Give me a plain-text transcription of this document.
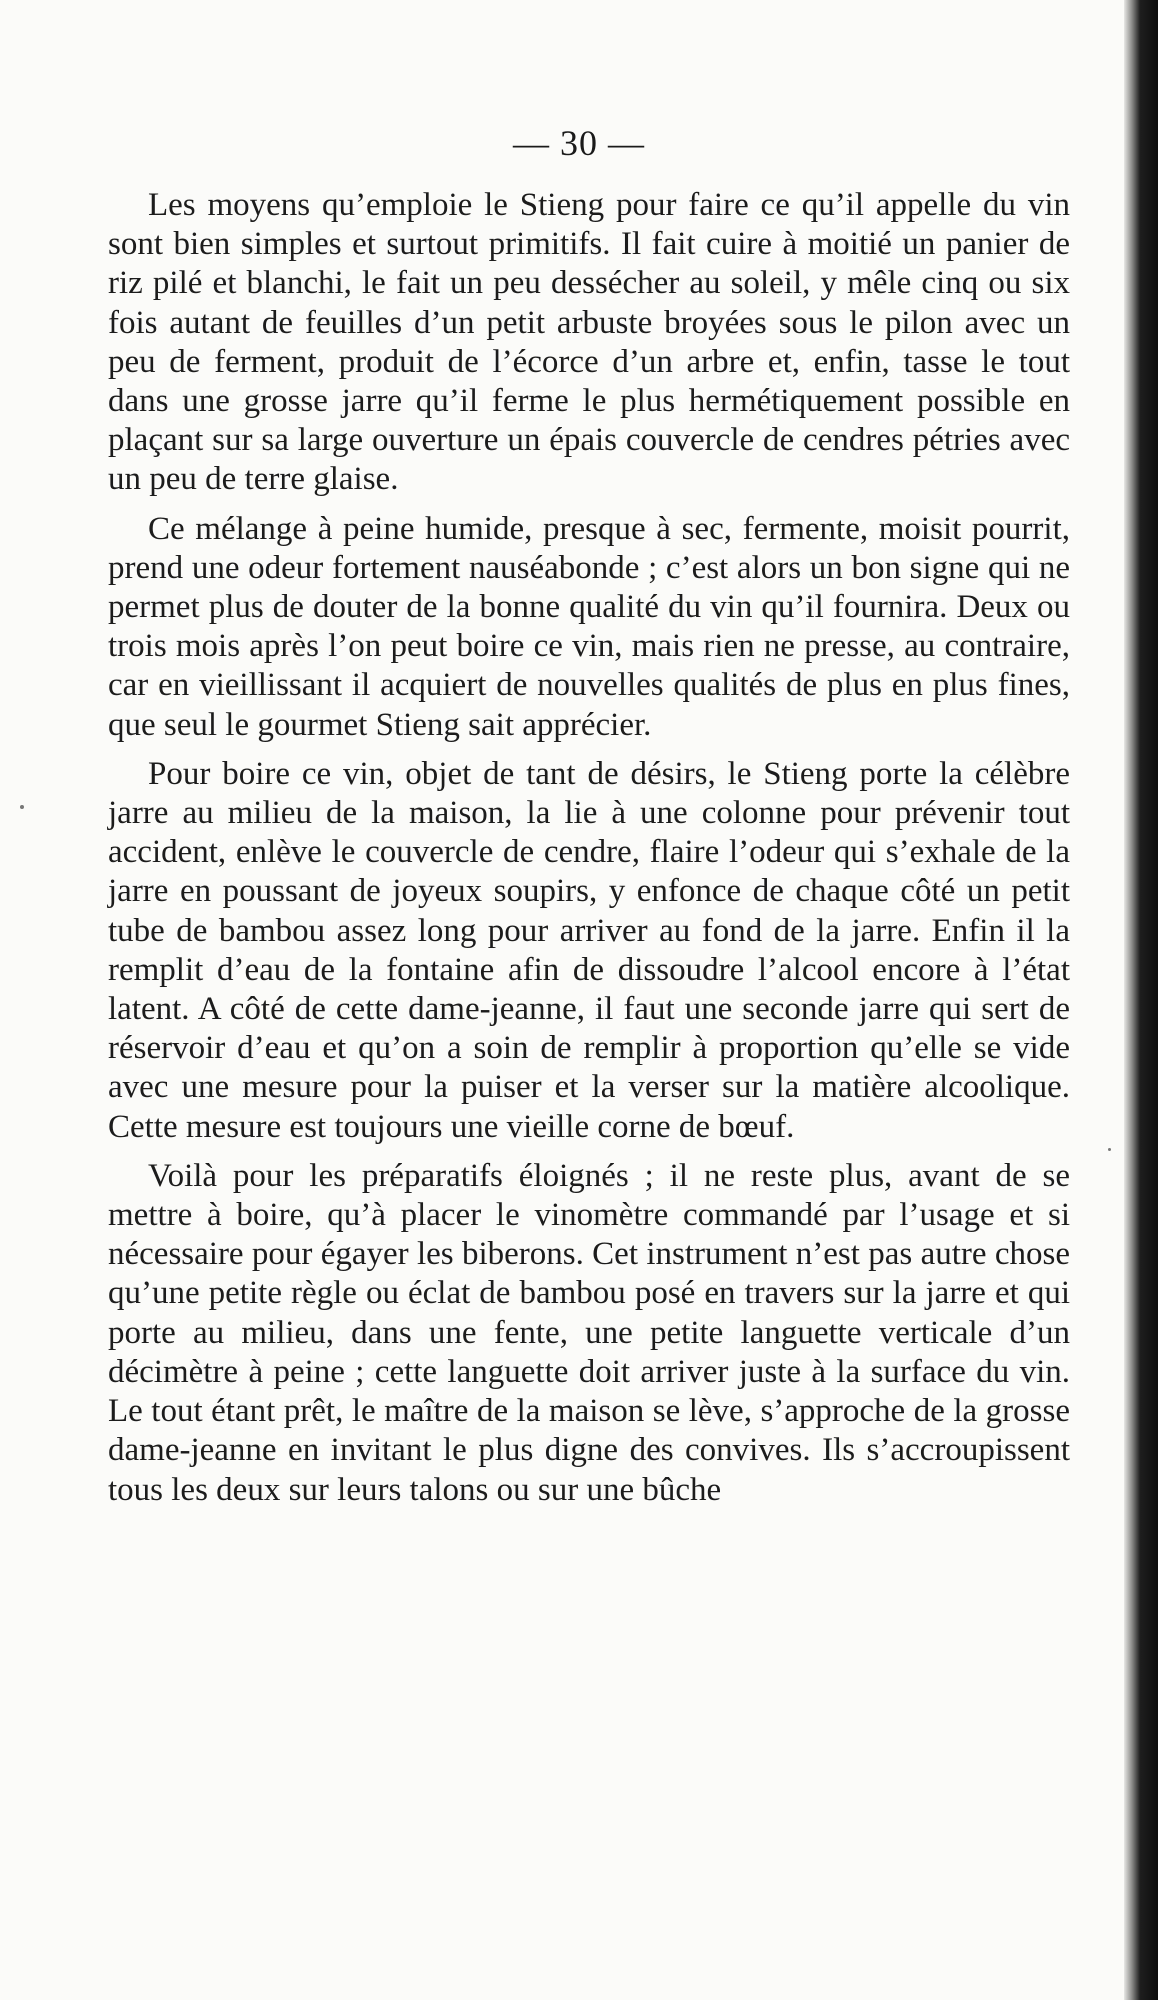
— 30 —

Les moyens qu’emploie le Stieng pour faire ce qu’il appelle du vin sont bien simples et surtout primitifs. Il fait cuire à moitié un panier de riz pilé et blanchi, le fait un peu dessécher au soleil, y mêle cinq ou six fois autant de feuilles d’un petit arbuste broyées sous le pilon avec un peu de ferment, produit de l’écorce d’un arbre et, enfin, tasse le tout dans une grosse jarre qu’il ferme le plus hermétiquement possible en plaçant sur sa large ouverture un épais couvercle de cendres pétries avec un peu de terre glaise.

Ce mélange à peine humide, presque à sec, fermente, moisit pourrit, prend une odeur fortement nauséabonde ; c’est alors un bon signe qui ne permet plus de douter de la bonne qualité du vin qu’il fournira. Deux ou trois mois après l’on peut boire ce vin, mais rien ne presse, au contraire, car en vieillissant il acquiert de nouvelles qualités de plus en plus fines, que seul le gourmet Stieng sait apprécier.

Pour boire ce vin, objet de tant de désirs, le Stieng porte la célèbre jarre au milieu de la maison, la lie à une colonne pour prévenir tout accident, enlève le couvercle de cendre, flaire l’odeur qui s’exhale de la jarre en poussant de joyeux soupirs, y enfonce de chaque côté un petit tube de bambou assez long pour arriver au fond de la jarre. Enfin il la remplit d’eau de la fontaine afin de dissoudre l’alcool encore à l’état latent. A côté de cette dame-jeanne, il faut une seconde jarre qui sert de réservoir d’eau et qu’on a soin de remplir à proportion qu’elle se vide avec une mesure pour la puiser et la verser sur la matière alcoolique. Cette mesure est toujours une vieille corne de bœuf.

Voilà pour les préparatifs éloignés ; il ne reste plus, avant de se mettre à boire, qu’à placer le vinomètre commandé par l’usage et si nécessaire pour égayer les biberons. Cet instrument n’est pas autre chose qu’une petite règle ou éclat de bambou posé en travers sur la jarre et qui porte au milieu, dans une fente, une petite languette verticale d’un décimètre à peine ; cette languette doit arriver juste à la surface du vin. Le tout étant prêt, le maître de la maison se lève, s’approche de la grosse dame-jeanne en invitant le plus digne des convives. Ils s’accroupissent tous les deux sur leurs talons ou sur une bûche
